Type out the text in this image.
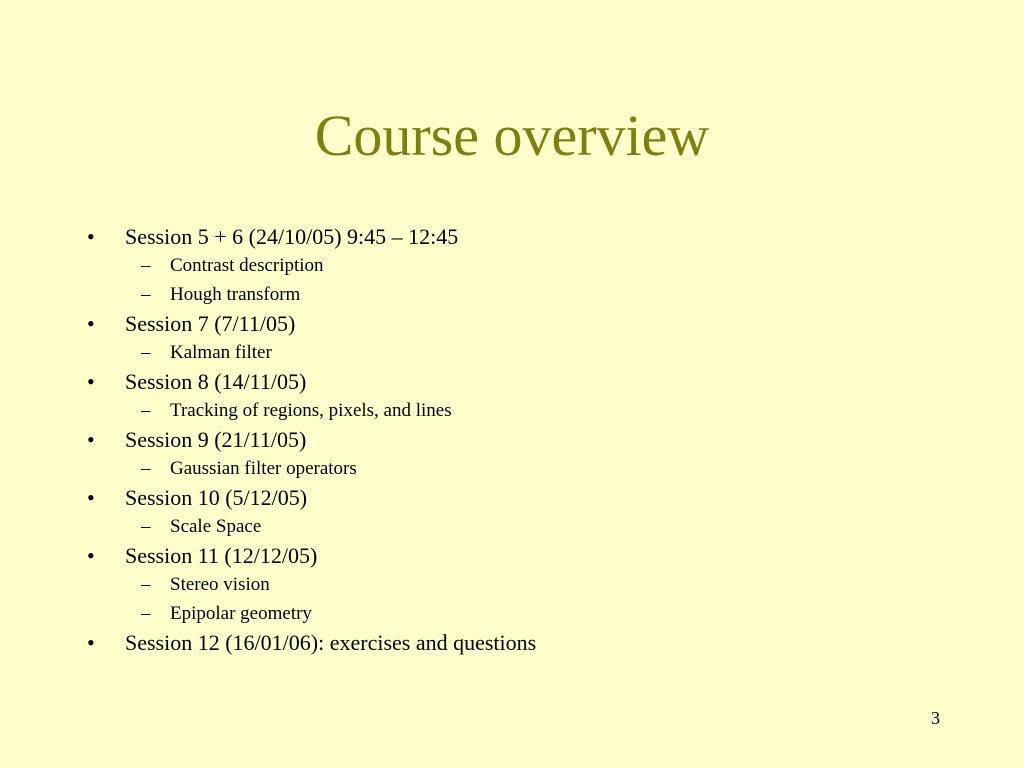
Course overview
•	Session 5 + 6 (24/10/05) 9:45 – 12:45
–	Contrast description
–	Hough transform
•	Session 7 (7/11/05)
–	Kalman filter
•	Session 8 (14/11/05)
–	Tracking of regions, pixels, and lines
•	Session 9 (21/11/05)
–	Gaussian filter operators
•	Session 10 (5/12/05)
–	Scale Space
•	Session 11 (12/12/05)
–	Stereo vision
–	Epipolar geometry
•	Session 12 (16/01/06): exercises and questions
3
